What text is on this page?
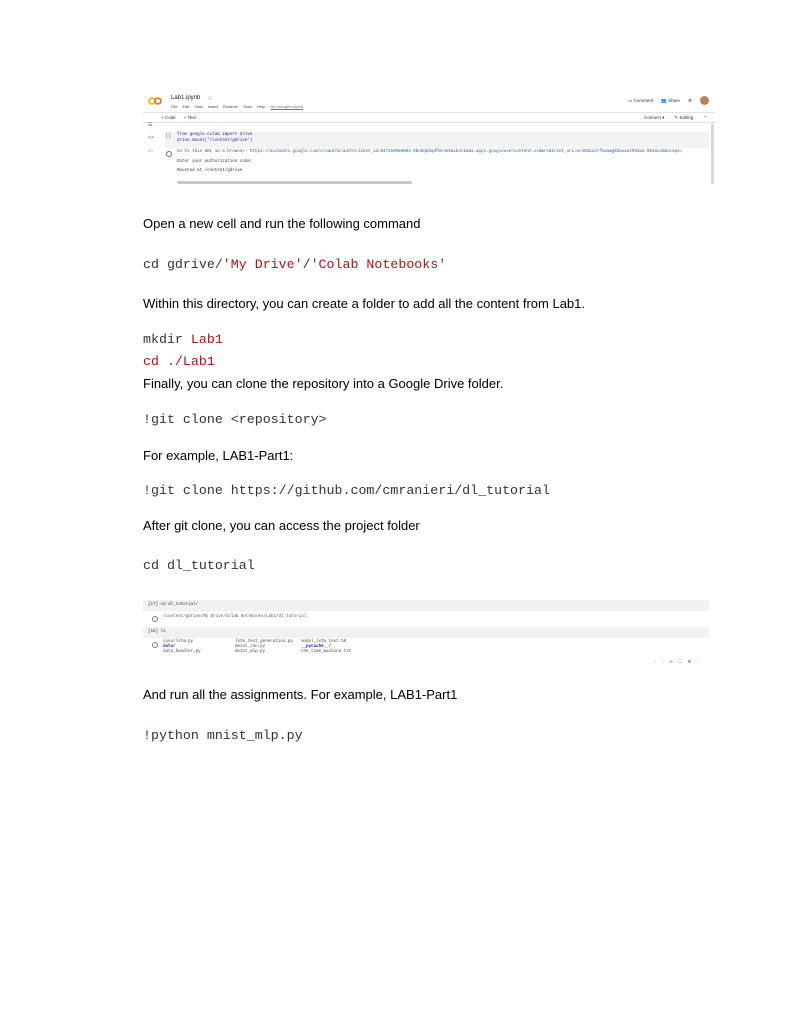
Lab1.ipynb ☆
File Edit View Insert Runtime Tools Help All changes saved
▭ Comment 👥 Share ⚙
+ Code + Text	Connect ▾ ✎ Editing ⌃
☰
<>
▭
[ ] from google.colab import drive
drive.mount('/content/gdrive')
Go to this URL in a browser: https://accounts.google.com/o/oauth2/auth?client_id=947318989803-6bn6qk8qdfmr4n9aibsokaba.apps.googleusercontent.com&redirect_uri=urn%3aietf%3awg%3aoauth%3a2.0%3aoob&scope=
Enter your authorization code:
Mounted at /content/gdrive
Open a new cell and run the following command
cd gdrive/'My Drive'/'Colab Notebooks'
Within this directory, you can create a folder to add all the content from Lab1.
mkdir Lab1
cd ./Lab1
Finally, you can clone the repository into a Google Drive folder.
!git clone <repository>
For example, LAB1-Part1:
!git clone https://github.com/cmranieri/dl_tutorial
After git clone, you can access the project folder
cd dl_tutorial
[17] cd dl_tutorial/
/content/gdrive/My Drive/Colab Notebooks/Lab1/dl_tutorial
[18] ls
conv/lstm.py	lstm_text_generation.py	model_lstm_text.h5
data/	mnist_cnn.py	__pycache__/
data_handler.py	mnist_mlp.py	the_time_machine.txt
↑ ↓ ⊖ ☐ ✱ ⋮
And run all the assignments. For example, LAB1-Part1
!python mnist_mlp.py
